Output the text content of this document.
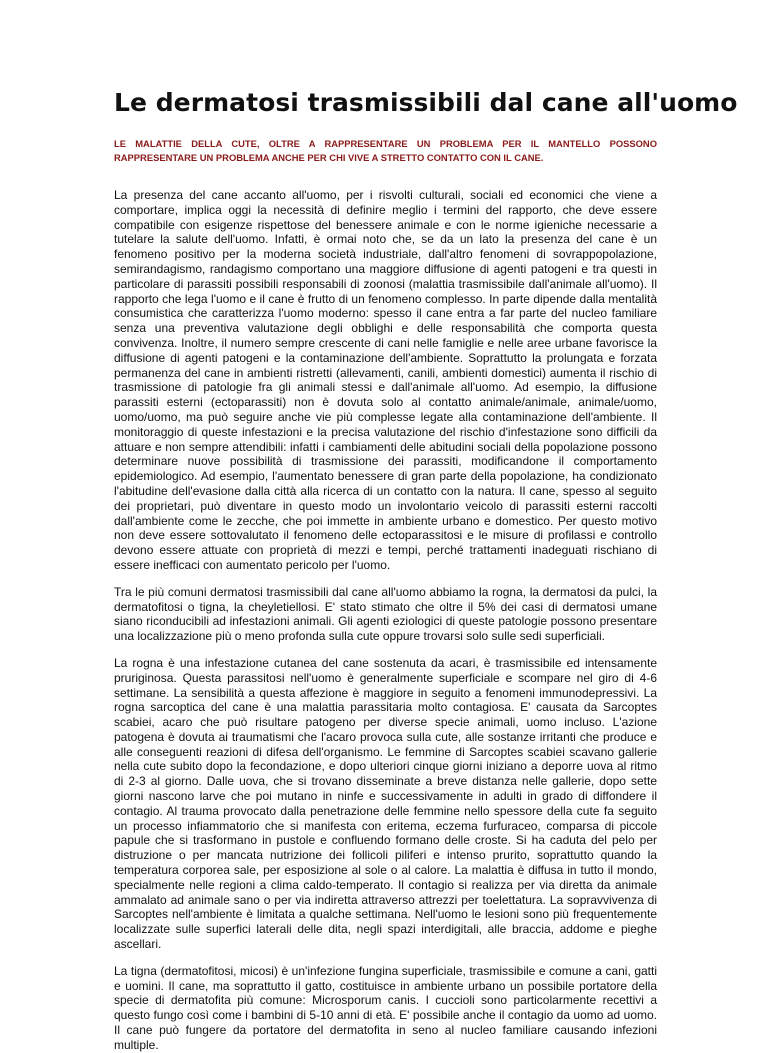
Le dermatosi trasmissibili dal cane all'uomo
LE MALATTIE DELLA CUTE, OLTRE A RAPPRESENTARE UN PROBLEMA PER IL MANTELLO POSSONO RAPPRESENTARE UN PROBLEMA ANCHE PER CHI VIVE A STRETTO CONTATTO CON IL CANE.

La presenza del cane accanto all'uomo, per i risvolti culturali, sociali ed economici che viene a comportare, implica oggi la necessità di definire meglio i termini del rapporto, che deve essere compatibile con esigenze rispettose del benessere animale e con le norme igieniche necessarie a tutelare la salute dell'uomo. Infatti, è ormai noto che, se da un lato la presenza del cane è un fenomeno positivo per la moderna società industriale, dall'altro fenomeni di sovrappopolazione, semirandagismo, randagismo comportano una maggiore diffusione di agenti patogeni e tra questi in particolare di parassiti possibili responsabili di zoonosi (malattia trasmissibile dall'animale all'uomo). Il rapporto che lega l'uomo e il cane è frutto di un fenomeno complesso. In parte dipende dalla mentalità consumistica che caratterizza l'uomo moderno: spesso il cane entra a far parte del nucleo familiare senza una preventiva valutazione degli obblighi e delle responsabilità che comporta questa convivenza. Inoltre, il numero sempre crescente di cani nelle famiglie e nelle aree urbane favorisce la diffusione di agenti patogeni e la contaminazione dell'ambiente. Soprattutto la prolungata e forzata permanenza del cane in ambienti ristretti (allevamenti, canili, ambienti domestici) aumenta il rischio di trasmissione di patologie fra gli animali stessi e dall'animale all'uomo. Ad esempio, la diffusione parassiti esterni (ectoparassiti) non è dovuta solo al contatto animale/animale, animale/uomo, uomo/uomo, ma può seguire anche vie più complesse legate alla contaminazione dell'ambiente. Il monitoraggio di queste infestazioni e la precisa valutazione del rischio d'infestazione sono difficili da attuare e non sempre attendibili: infatti i cambiamenti delle abitudini sociali della popolazione possono determinare nuove possibilità di trasmissione dei parassiti, modificandone il comportamento epidemiologico. Ad esempio, l'aumentato benessere di gran parte della popolazione, ha condizionato l'abitudine dell'evasione dalla città alla ricerca di un contatto con la natura. Il cane, spesso al seguito dei proprietari, può diventare in questo modo un involontario veicolo di parassiti esterni raccolti dall'ambiente come le zecche, che poi immette in ambiente urbano e domestico. Per questo motivo non deve essere sottovalutato il fenomeno delle ectoparassitosi e le misure di profilassi e controllo devono essere attuate con proprietà di mezzi e tempi, perché trattamenti inadeguati rischiano di essere inefficaci con aumentato pericolo per l'uomo.

Tra le più comuni dermatosi trasmissibili dal cane all'uomo abbiamo la rogna, la dermatosi da pulci, la dermatofitosi o tigna, la cheyletiellosi. E' stato stimato che oltre il 5% dei casi di dermatosi umane siano riconducibili ad infestazioni animali. Gli agenti eziologici di queste patologie possono presentare una localizzazione più o meno profonda sulla cute oppure trovarsi solo sulle sedi superficiali.

La rogna è una infestazione cutanea del cane sostenuta da acari, è trasmissibile ed intensamente pruriginosa. Questa parassitosi nell'uomo è generalmente superficiale e scompare nel giro di 4-6 settimane. La sensibilità a questa affezione è maggiore in seguito a fenomeni immunodepressivi. La rogna sarcoptica del cane è una malattia parassitaria molto contagiosa. E' causata da Sarcoptes scabiei, acaro che può risultare patogeno per diverse specie animali, uomo incluso. L'azione patogena è dovuta ai traumatismi che l'acaro provoca sulla cute, alle sostanze irritanti che produce e alle conseguenti reazioni di difesa dell'organismo. Le femmine di Sarcoptes scabiei scavano gallerie nella cute subito dopo la fecondazione, e dopo ulteriori cinque giorni iniziano a deporre uova al ritmo di 2-3 al giorno. Dalle uova, che si trovano disseminate a breve distanza nelle gallerie, dopo sette giorni nascono larve che poi mutano in ninfe e successivamente in adulti in grado di diffondere il contagio. Al trauma provocato dalla penetrazione delle femmine nello spessore della cute fa seguito un processo infiammatorio che si manifesta con eritema, eczema furfuraceo, comparsa di piccole papule che si trasformano in pustole e confluendo formano delle croste. Si ha caduta del pelo per distruzione o per mancata nutrizione dei follicoli piliferi e intenso prurito, soprattutto quando la temperatura corporea sale, per esposizione al sole o al calore. La malattia è diffusa in tutto il mondo, specialmente nelle regioni a clima caldo-temperato. Il contagio si realizza per via diretta da animale ammalato ad animale sano o per via indiretta attraverso attrezzi per toelettatura. La sopravvivenza di Sarcoptes nell'ambiente è limitata a qualche settimana. Nell'uomo le lesioni sono più frequentemente localizzate sulle superfici laterali delle dita, negli spazi interdigitali, alle braccia, addome e pieghe ascellari.

La tigna (dermatofitosi, micosi) è un'infezione fungina superficiale, trasmissibile e comune a cani, gatti e uomini. Il cane, ma soprattutto il gatto, costituisce in ambiente urbano un possibile portatore della specie di dermatofita più comune: Microsporum canis. I cuccioli sono particolarmente recettivi a questo fungo così come i bambini di 5-10 anni di età. E' possibile anche il contagio da uomo ad uomo. Il cane può fungere da portatore del dermatofita in seno al nucleo familiare causando infezioni multiple.
